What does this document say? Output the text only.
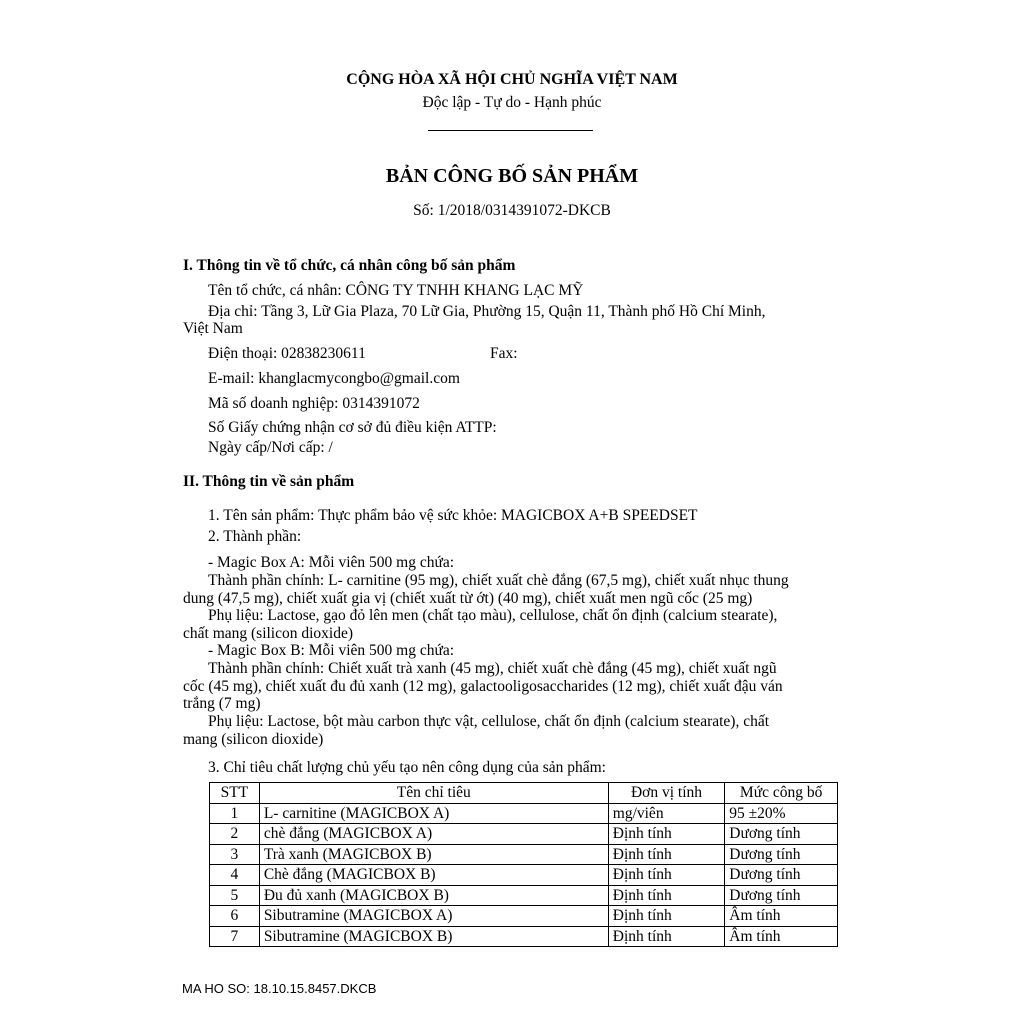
CỘNG HÒA XÃ HỘI CHỦ NGHĨA VIỆT NAM
Độc lập - Tự do - Hạnh phúc
BẢN CÔNG BỐ SẢN PHẨM
Số: 1/2018/0314391072-DKCB
I. Thông tin về tổ chức, cá nhân công bố sản phẩm
Tên tổ chức, cá nhân: CÔNG TY TNHH KHANG LẠC MỸ
Địa chỉ: Tầng 3, Lữ Gia Plaza, 70 Lữ Gia, Phường 15, Quận 11, Thành phố Hồ Chí Minh,
Việt Nam
Điện thoại: 02838230611	Fax:
E-mail: khanglacmycongbo@gmail.com
Mã số doanh nghiệp: 0314391072
Số Giấy chứng nhận cơ sở đủ điều kiện ATTP:
Ngày cấp/Nơi cấp: /
II. Thông tin về sản phẩm
1. Tên sản phẩm: Thực phẩm bảo vệ sức khỏe: MAGICBOX A+B SPEEDSET
2. Thành phần:
- Magic Box A: Mỗi viên 500 mg chứa:
Thành phần chính: L- carnitine (95 mg), chiết xuất chè đắng (67,5 mg), chiết xuất nhục thung
dung (47,5 mg), chiết xuất gia vị (chiết xuất từ ớt) (40 mg), chiết xuất men ngũ cốc (25 mg)
Phụ liệu: Lactose, gạo đỏ lên men (chất tạo màu), cellulose, chất ổn định (calcium stearate),
chất mang (silicon dioxide)
- Magic Box B: Mỗi viên 500 mg chứa:
Thành phần chính: Chiết xuất trà xanh (45 mg), chiết xuất chè đắng (45 mg), chiết xuất ngũ
cốc (45 mg), chiết xuất đu đủ xanh (12 mg), galactooligosaccharides (12 mg), chiết xuất đậu ván
trắng (7 mg)
Phụ liệu: Lactose, bột màu carbon thực vật, cellulose, chất ổn định (calcium stearate), chất
mang (silicon dioxide)
3. Chỉ tiêu chất lượng chủ yếu tạo nên công dụng của sản phẩm:
STT	Tên chỉ tiêu	Đơn vị tính	Mức công bố
1	L- carnitine (MAGICBOX A)	mg/viên	95 ±20%
2	chè đắng (MAGICBOX A)	Định tính	Dương tính
3	Trà xanh (MAGICBOX B)	Định tính	Dương tính
4	Chè đắng (MAGICBOX B)	Định tính	Dương tính
5	Đu đủ xanh (MAGICBOX B)	Định tính	Dương tính
6	Sibutramine (MAGICBOX A)	Định tính	Âm tính
7	Sibutramine (MAGICBOX B)	Định tính	Âm tính
MA HO SO: 18.10.15.8457.DKCB
